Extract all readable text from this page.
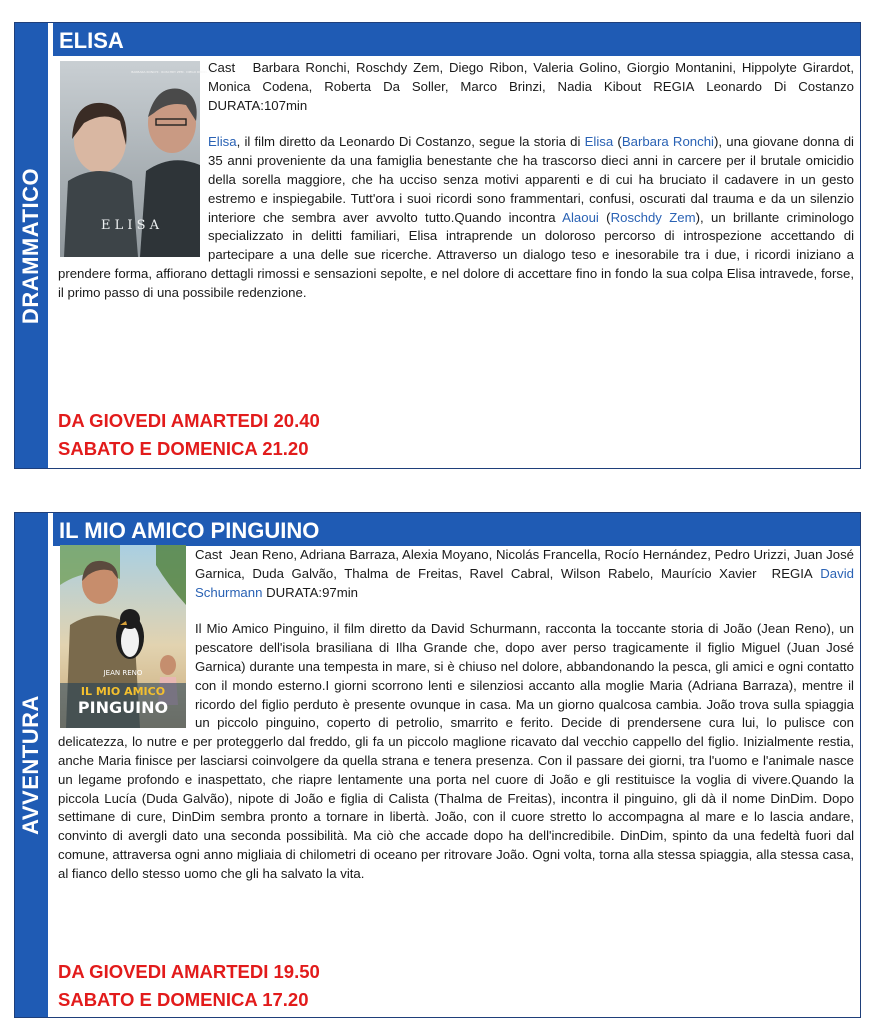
DRAMMATICO
ELISA
E L I S A
BARBARA RONCHI · ROSCHDY ZEM · DIEGO RIBON · VALERIA GOLINO
Cast Barbara Ronchi, Roschdy Zem, Diego Ribon, Valeria Golino, Giorgio Montanini, Hippolyte Girardot, Monica Codena, Roberta Da Soller, Marco Brinzi, Nadia Kibout REGIA Leonardo Di Costanzo DURATA:107min
Elisa, il film diretto da Leonardo Di Costanzo, segue la storia di Elisa (Barbara Ronchi), una giovane donna di 35 anni proveniente da una famiglia benestante che ha trascorso dieci anni in carcere per il brutale omicidio della sorella maggiore, che ha ucciso senza motivi apparenti e di cui ha bruciato il cadavere in un gesto estremo e inspiegabile. Tutt'ora i suoi ricordi sono frammentari, confusi, oscurati dal trauma e da un silenzio interiore che sembra aver avvolto tutto.Quando incontra Alaoui (Roschdy Zem), un brillante criminologo specializzato in delitti familiari, Elisa intraprende un doloroso percorso di introspezione accettando di partecipare a una delle sue ricerche. Attraverso un dialogo teso e inesorabile tra i due, i ricordi iniziano a prendere forma, affiorano dettagli rimossi e sensazioni sepolte, e nel dolore di accettare fino in fondo la sua colpa Elisa intravede, forse, il primo passo di una possibile redenzione.
DA GIOVEDI AMARTEDI 20.40
SABATO E DOMENICA 21.20
AVVENTURA
IL MIO AMICO PINGUINO
JEAN RENO
IL MIO AMICO
PINGUINO
Cast Jean Reno, Adriana Barraza, Alexia Moyano, Nicolás Francella, Rocío Hernández, Pedro Urizzi, Juan José Garnica, Duda Galvão, Thalma de Freitas, Ravel Cabral, Wilson Rabelo, Maurício Xavier REGIA David Schurmann DURATA:97min
Il Mio Amico Pinguino, il film diretto da David Schurmann, racconta la toccante storia di João (Jean Reno), un pescatore dell'isola brasiliana di Ilha Grande che, dopo aver perso tragicamente il figlio Miguel (Juan José Garnica) durante una tempesta in mare, si è chiuso nel dolore, abbandonando la pesca, gli amici e ogni contatto con il mondo esterno.I giorni scorrono lenti e silenziosi accanto alla moglie Maria (Adriana Barraza), mentre il ricordo del figlio perduto è presente ovunque in casa. Ma un giorno qualcosa cambia. João trova sulla spiaggia un piccolo pinguino, coperto di petrolio, smarrito e ferito. Decide di prendersene cura lui, lo pulisce con delicatezza, lo nutre e per proteggerlo dal freddo, gli fa un piccolo maglione ricavato dal vecchio cappello del figlio. Inizialmente restia, anche Maria finisce per lasciarsi coinvolgere da quella strana e tenera presenza. Con il passare dei giorni, tra l'uomo e l'animale nasce un legame profondo e inaspettato, che riapre lentamente una porta nel cuore di João e gli restituisce la voglia di vivere.Quando la piccola Lucía (Duda Galvão), nipote di João e figlia di Calista (Thalma de Freitas), incontra il pinguino, gli dà il nome DinDim. Dopo settimane di cure, DinDim sembra pronto a tornare in libertà. João, con il cuore stretto lo accompagna al mare e lo lascia andare, convinto di avergli dato una seconda possibilità. Ma ciò che accade dopo ha dell'incredibile. DinDim, spinto da una fedeltà fuori dal comune, attraversa ogni anno migliaia di chilometri di oceano per ritrovare João. Ogni volta, torna alla stessa spiaggia, alla stessa casa, al fianco dello stesso uomo che gli ha salvato la vita.
DA GIOVEDI AMARTEDI 19.50
SABATO E DOMENICA 17.20
